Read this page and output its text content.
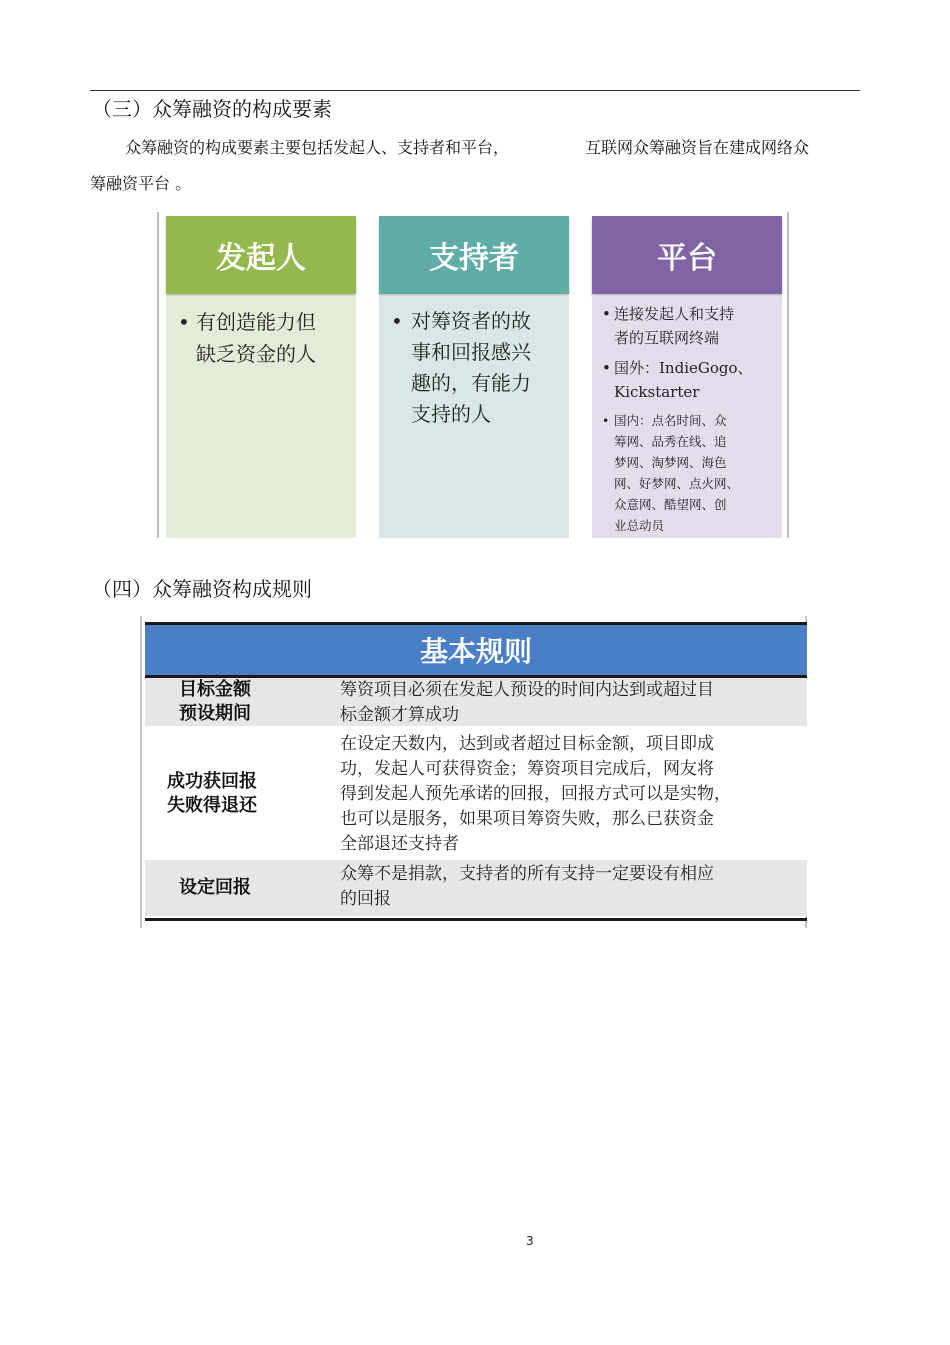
（三）众筹融资的构成要素
众筹融资的构成要素主要包括发起人、支持者和平台，	互联网众筹融资旨在建成网络众
筹融资平台 。
发起人
• 有创造能力但
缺乏资金的人
支持者
• 对筹资者的故
事和回报感兴
趣的，有能力
支持的人
平台
• 连接发起人和支持
者的互联网终端
• 国外：IndieGogo、
Kickstarter
• 国内：点名时间、众
筹网、品秀在线、追
梦网、淘梦网、海色
网、好梦网、点火网、
众意网、酷望网、创
业总动员
（四）众筹融资构成规则
基本规则
目标金额
预设期间
筹资项目必须在发起人预设的时间内达到或超过目
标金额才算成功
成功获回报
失败得退还
在设定天数内，达到或者超过目标金额，项目即成
功，发起人可获得资金；筹资项目完成后，网友将
得到发起人预先承诺的回报，回报方式可以是实物，
也可以是服务，如果项目筹资失败，那么已获资金
全部退还支持者
设定回报
众筹不是捐款，支持者的所有支持一定要设有相应
的回报
3
